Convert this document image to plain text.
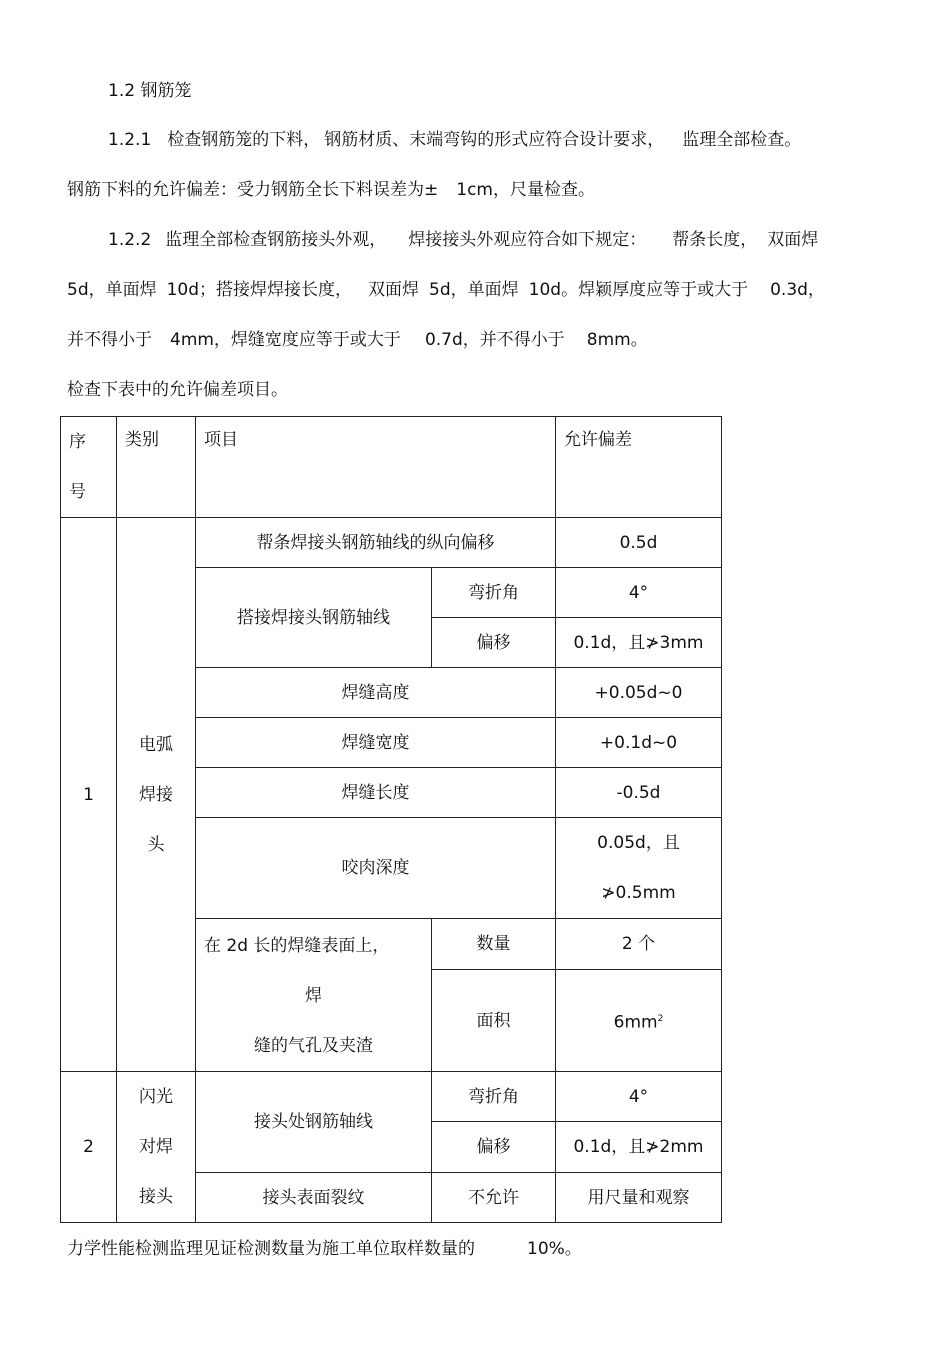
1.2 钢筋笼
1.2.1 检查钢筋笼的下料， 钢筋材质、末端弯钩的形式应符合设计要求， 监理全部检查。
钢筋下料的允许偏差：受力钢筋全长下料误差为± 1cm，尺量检查。
1.2.2 监理全部检查钢筋接头外观， 焊接接头外观应符合如下规定： 帮条长度， 双面焊
5d，单面焊 10d；搭接焊焊接长度， 双面焊 5d，单面焊 10d。焊颖厚度应等于或大于 0.3d，
并不得小于 4mm，焊缝宽度应等于或大于 0.7d，并不得小于 8mm。
检查下表中的允许偏差项目。
序
号	类别	项目		允许偏差
1	电弧
焊接
头	帮条焊接头钢筋轴线的纵向偏移		0.5d
		搭接焊接头钢筋轴线	弯折角	4°
			偏移	0.1d，且≯3mm
		焊缝高度		+0.05d~0
		焊缝宽度		+0.1d~0
		焊缝长度		-0.5d
		咬肉深度		0.05d，且
≯0.5mm

		在 2d 长的焊缝表面上，
焊
缝的气孔及夹渣	数量	2 个
			面积	$6mm^2$

2	闪光
对焊
接头	接头处钢筋轴线	弯折角	4°
			偏移	0.1d，且≯2mm
		接头表面裂纹	不允许	用尺量和观察
力学性能检测监理见证检测数量为施工单位取样数量的	10%。
